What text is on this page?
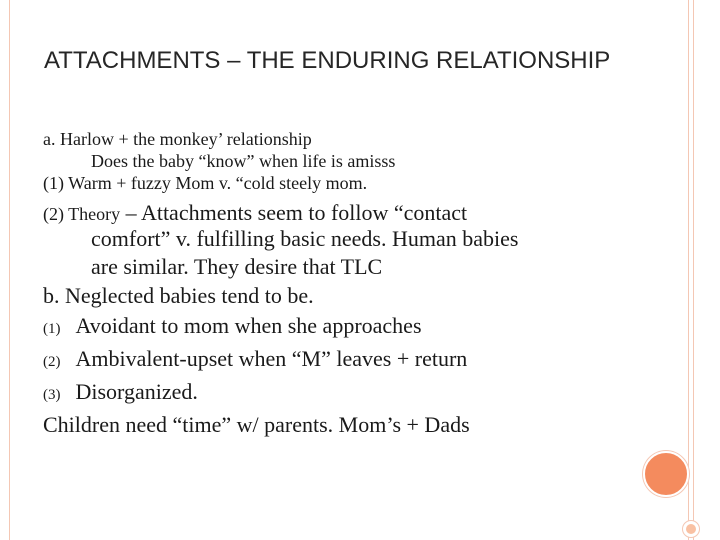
ATTACHMENTS – THE ENDURING RELATIONSHIP
a. Harlow + the monkey’ relationship
Does the baby “know” when life is amisss
(1) Warm + fuzzy Mom v. “cold steely mom.
(2) Theory – Attachments seem to follow “contact
comfort” v. fulfilling basic needs. Human babies
are similar. They desire that TLC
b. Neglected babies tend to be.
(1) Avoidant to mom when she approaches
(2) Ambivalent-upset when “M” leaves + return
(3) Disorganized.
Children need “time” w/ parents. Mom’s + Dads
